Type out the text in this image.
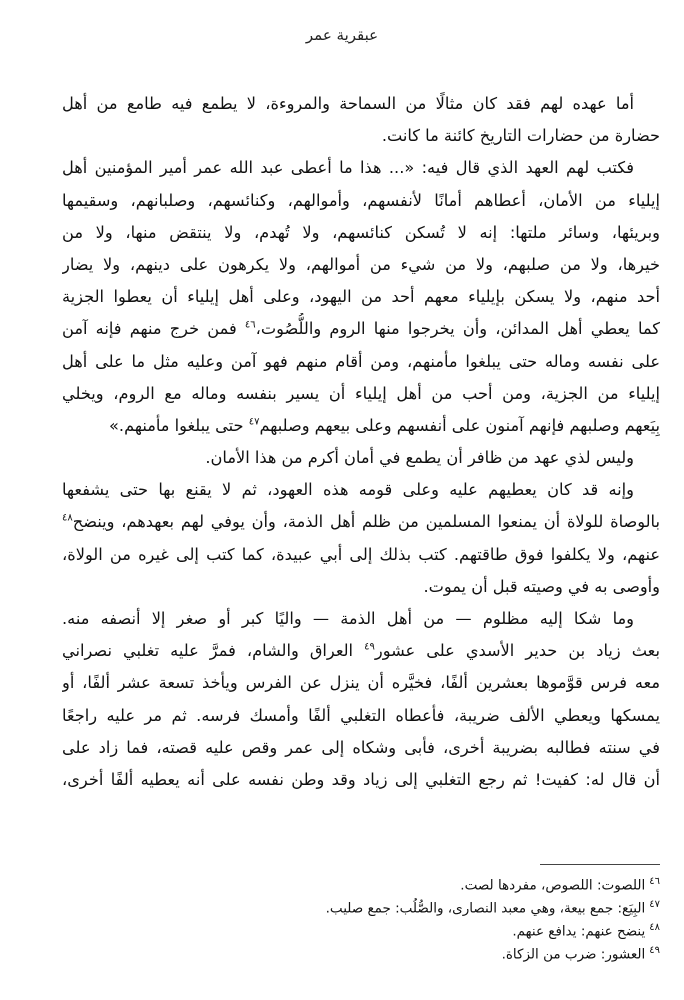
عبقرية عمر
أما عهده لهم فقد كان مثالًا من السماحة والمروءة، لا يطمع فيه طامع من أهل
حضارة من حضارات التاريخ كائنة ما كانت.
فكتب لهم العهد الذي قال فيه: «... هذا ما أعطى عبد الله عمر أمير المؤمنين أهل
إيلياء من الأمان، أعطاهم أمانًا لأنفسهم، وأموالهم، وكنائسهم، وصلبانهم، وسقيمها
وبريئها، وسائر ملتها: إنه لا تُسكن كنائسهم، ولا تُهدم، ولا ينتقض منها، ولا من
خيرها، ولا من صلبهم، ولا من شيء من أموالهم، ولا يكرهون على دينهم، ولا يضار
أحد منهم، ولا يسكن بإيلياء معهم أحد من اليهود، وعلى أهل إيلياء أن يعطوا الجزية
كما يعطي أهل المدائن، وأن يخرجوا منها الروم واللُّصُوت،$^{٤٦}$ فمن خرج منهم فإنه آمن
على نفسه وماله حتى يبلغوا مأمنهم، ومن أقام منهم فهو آمن وعليه مثل ما على أهل
إيلياء من الجزية، ومن أحب من أهل إيلياء أن يسير بنفسه وماله مع الروم، ويخلي
بِيَعهم وصلبهم فإنهم آمنون على أنفسهم وعلى بيعهم وصلبهم$^{٤٧}$ حتى يبلغوا مأمنهم.»
وليس لذي عهد من ظافر أن يطمع في أمان أكرم من هذا الأمان.
وإنه قد كان يعطيهم عليه وعلى قومه هذه العهود، ثم لا يقنع بها حتى يشفعها
بالوصاة للولاة أن يمنعوا المسلمين من ظلم أهل الذمة، وأن يوفي لهم بعهدهم، وينضح$^{٤٨}$
عنهم، ولا يكلفوا فوق طاقتهم. كتب بذلك إلى أبي عبيدة، كما كتب إلى غيره من الولاة،
وأوصى به في وصيته قبل أن يموت.
وما شكا إليه مظلوم — من أهل الذمة — واليًا كبر أو صغر إلا أنصفه منه.
بعث زياد بن حدير الأسدي على عشور$^{٤٩}$ العراق والشام، فمرَّ عليه تغلبي نصراني
معه فرس قوَّموها بعشرين ألفًا، فخيَّره أن ينزل عن الفرس ويأخذ تسعة عشر ألفًا، أو
يمسكها ويعطي الألف ضريبة، فأعطاه التغلبي ألفًا وأمسك فرسه. ثم مر عليه راجعًا
في سنته فطالبه بضريبة أخرى، فأبى وشكاه إلى عمر وقص عليه قصته، فما زاد على
أن قال له: كفيت! ثم رجع التغلبي إلى زياد وقد وطن نفسه على أنه يعطيه ألفًا أخرى،
$^{٤٦}$اللصوت: اللصوص، مفردها لصت.
$^{٤٧}$البِيَع: جمع بيعة، وهي معبد النصارى، والصُّلُب: جمع صليب.
$^{٤٨}$ينضح عنهم: يدافع عنهم.
$^{٤٩}$العشور: ضرب من الزكاة.
